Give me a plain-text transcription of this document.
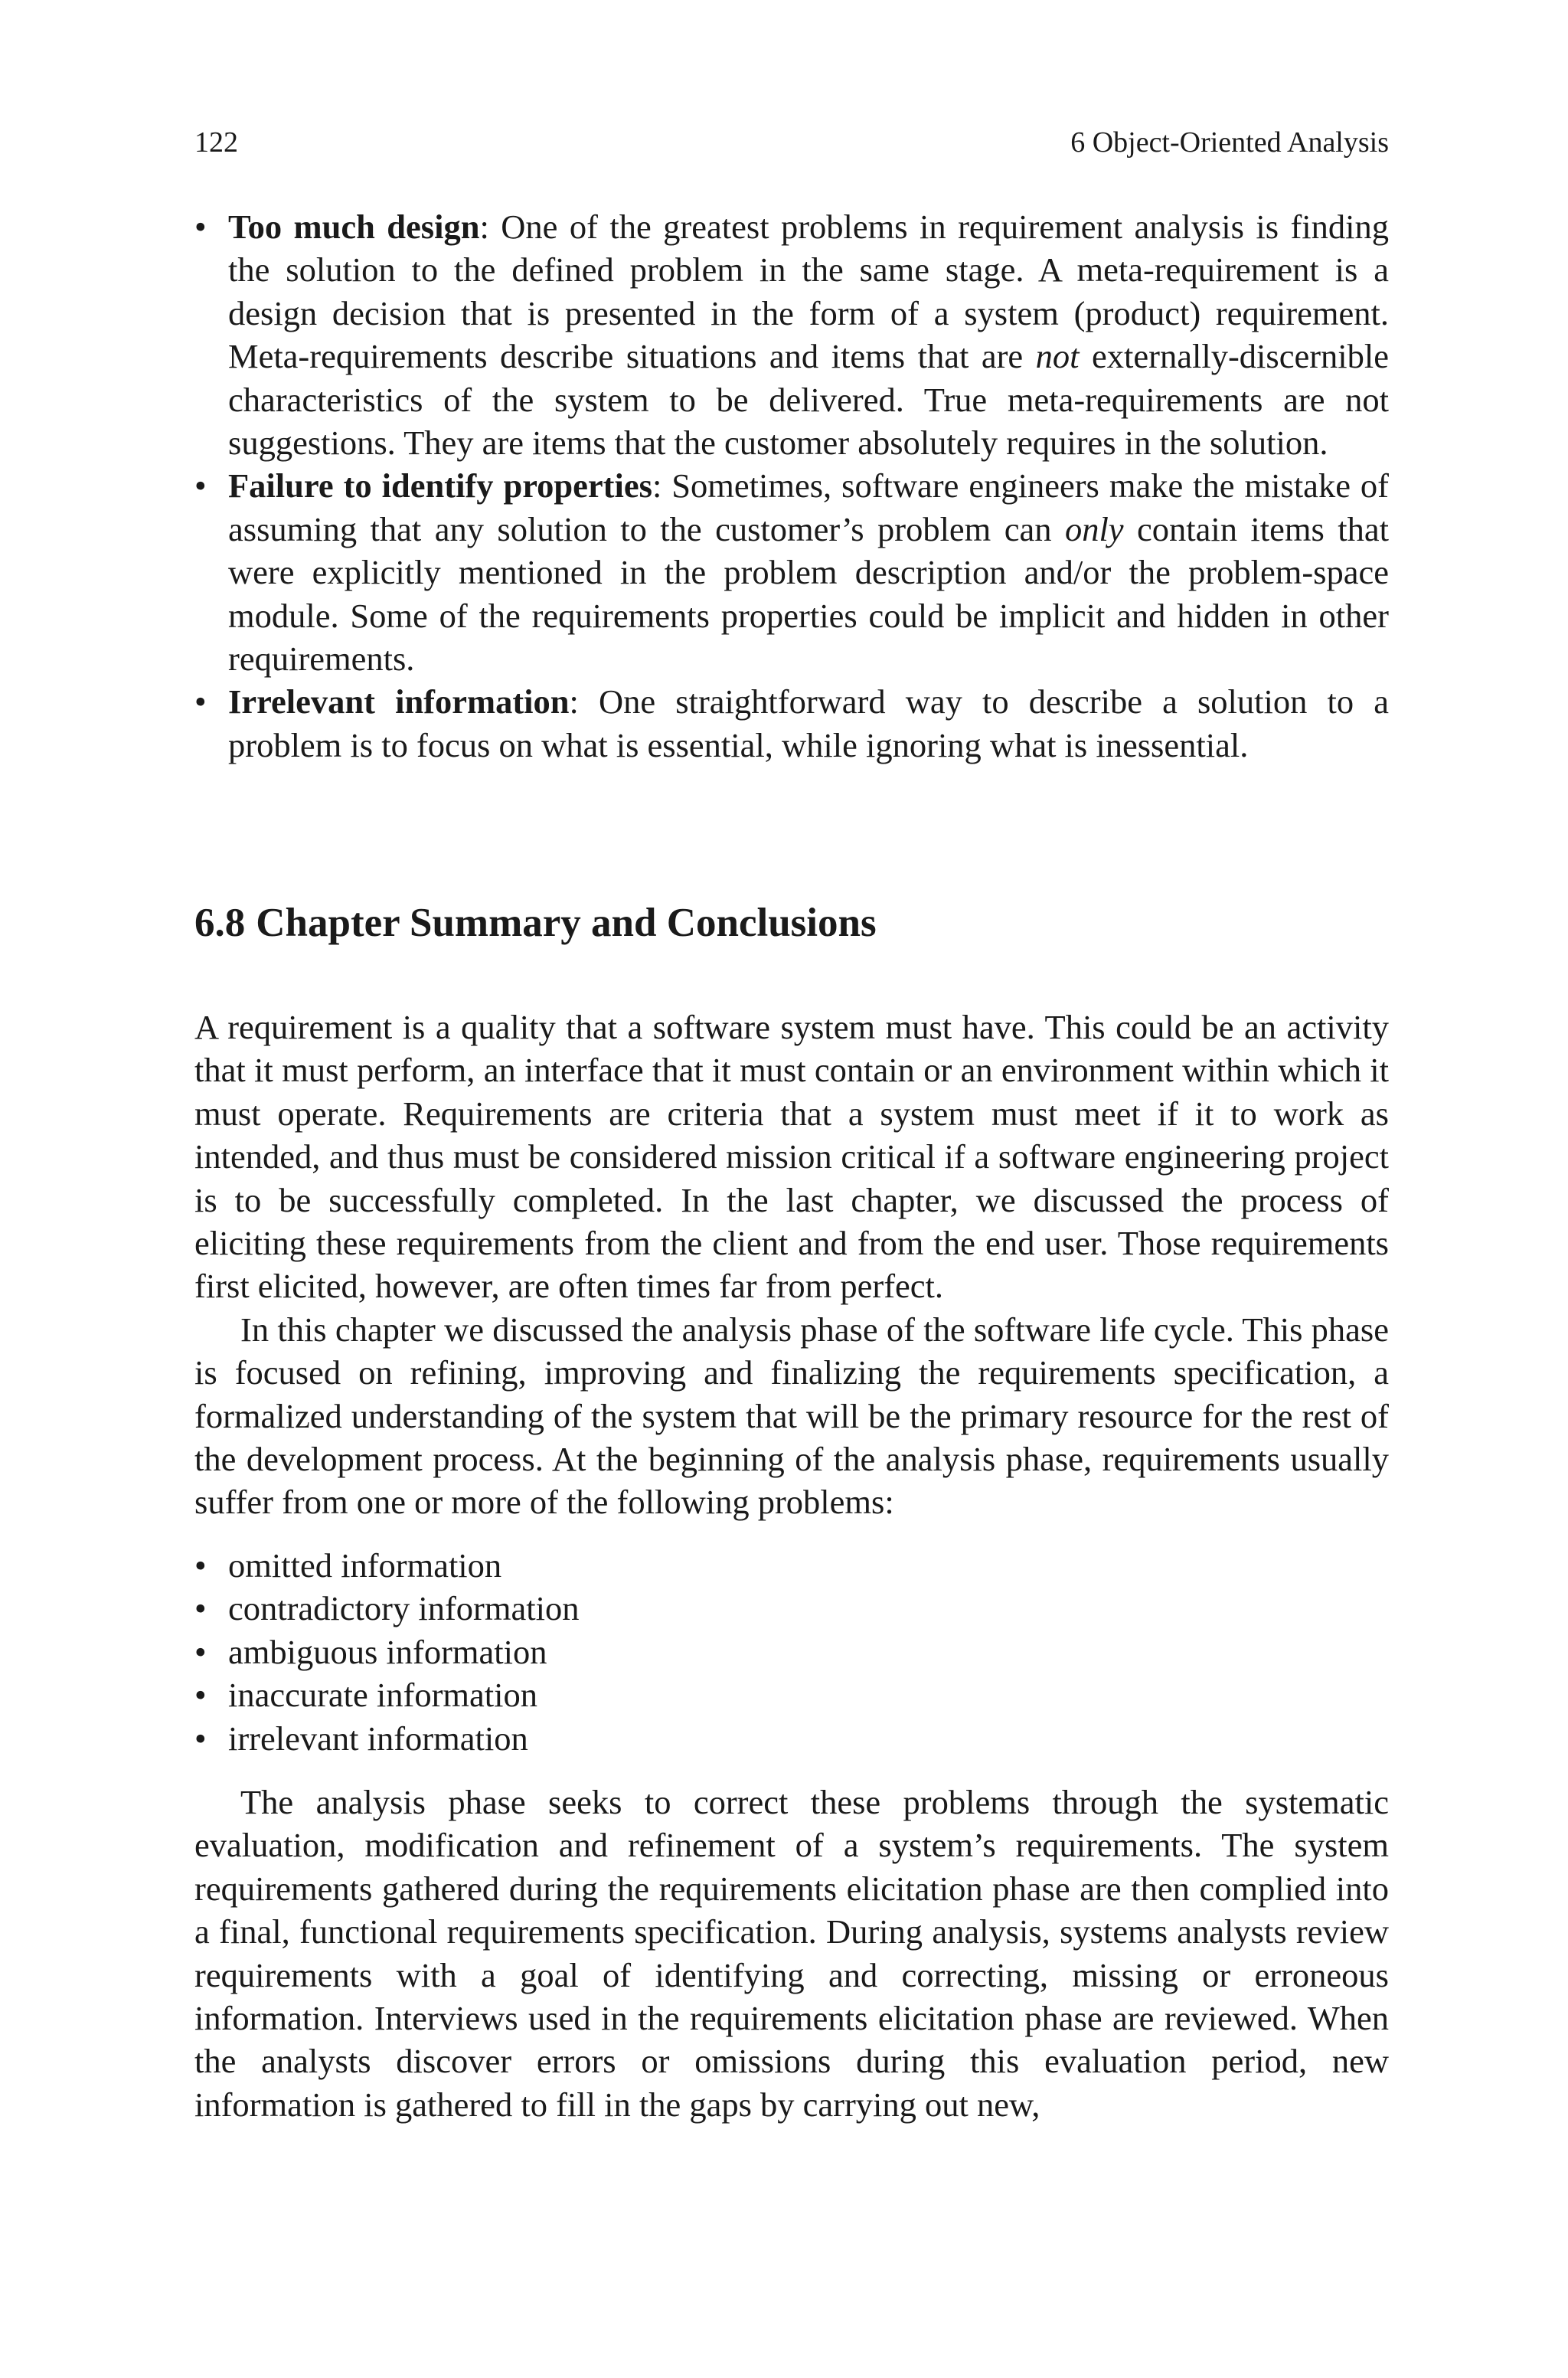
122	6 Object-Oriented Analysis
• Too much design: One of the greatest problems in requirement analysis is finding the solution to the defined problem in the same stage. A meta-requirement is a design decision that is presented in the form of a system (product) requirement. Meta-requirements describe situations and items that are not externally-discernible characteristics of the system to be delivered. True meta-requirements are not suggestions. They are items that the customer absolutely requires in the solution.
• Failure to identify properties: Sometimes, software engineers make the mistake of assuming that any solution to the customer’s problem can only contain items that were explicitly mentioned in the problem description and/or the problem-space module. Some of the requirements properties could be implicit and hidden in other requirements.
• Irrelevant information: One straightforward way to describe a solution to a problem is to focus on what is essential, while ignoring what is inessential.
6.8 Chapter Summary and Conclusions

A requirement is a quality that a software system must have. This could be an activity that it must perform, an interface that it must contain or an environment within which it must operate. Requirements are criteria that a system must meet if it to work as intended, and thus must be considered mission critical if a software engineering project is to be successfully completed. In the last chapter, we discussed the process of eliciting these requirements from the client and from the end user. Those requirements first elicited, however, are often times far from perfect.

In this chapter we discussed the analysis phase of the software life cycle. This phase is focused on refining, improving and finalizing the requirements specification, a formalized understanding of the system that will be the primary resource for the rest of the development process. At the beginning of the analysis phase, requirements usually suffer from one or more of the following problems:

• omitted information
• contradictory information
• ambiguous information
• inaccurate information
• irrelevant information

The analysis phase seeks to correct these problems through the systematic evaluation, modification and refinement of a system’s requirements. The system requirements gathered during the requirements elicitation phase are then complied into a final, functional requirements specification. During analysis, systems analysts review requirements with a goal of identifying and correcting, missing or erroneous information. Interviews used in the requirements elicitation phase are reviewed. When the analysts discover errors or omissions during this evaluation period, new information is gathered to fill in the gaps by carrying out new,
